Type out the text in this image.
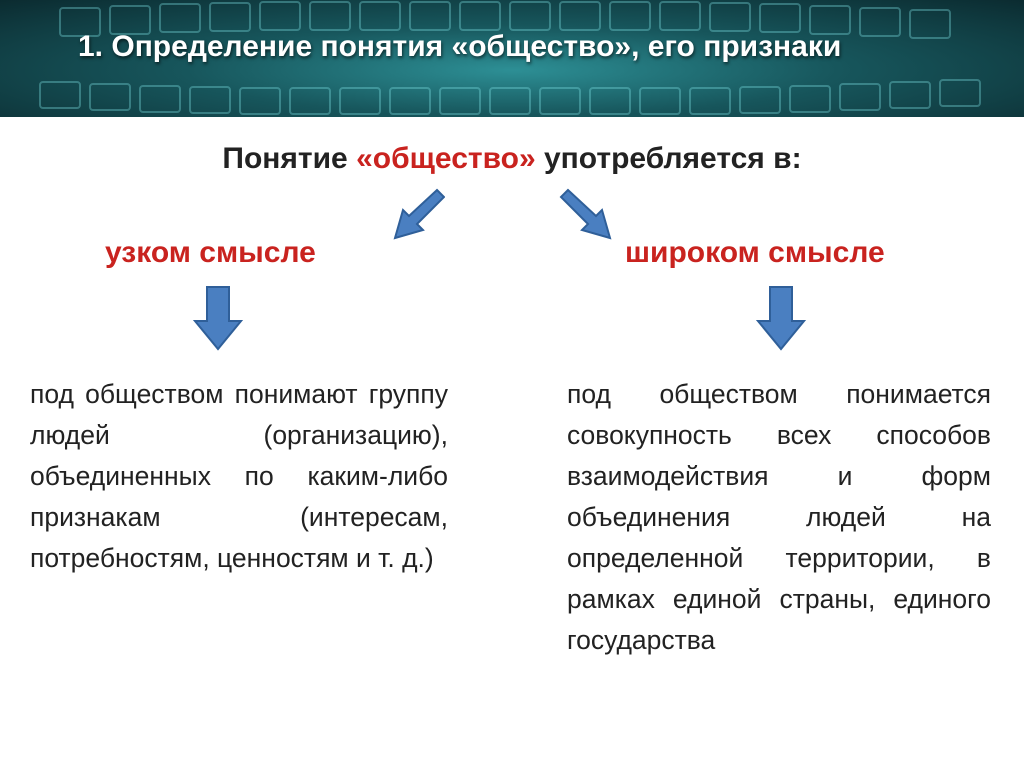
1. Определение понятия «общество», его признаки
Понятие «общество» употребляется в:
узком смысле	широком смысле
под обществом понимают группу людей (организацию), объединенных по каким-либо признакам (интересам, потребностям, ценностям и т. д.)
под обществом понимается совокупность всех способов взаимодействия и форм объединения людей на определенной территории, в рамках единой страны, единого государства
